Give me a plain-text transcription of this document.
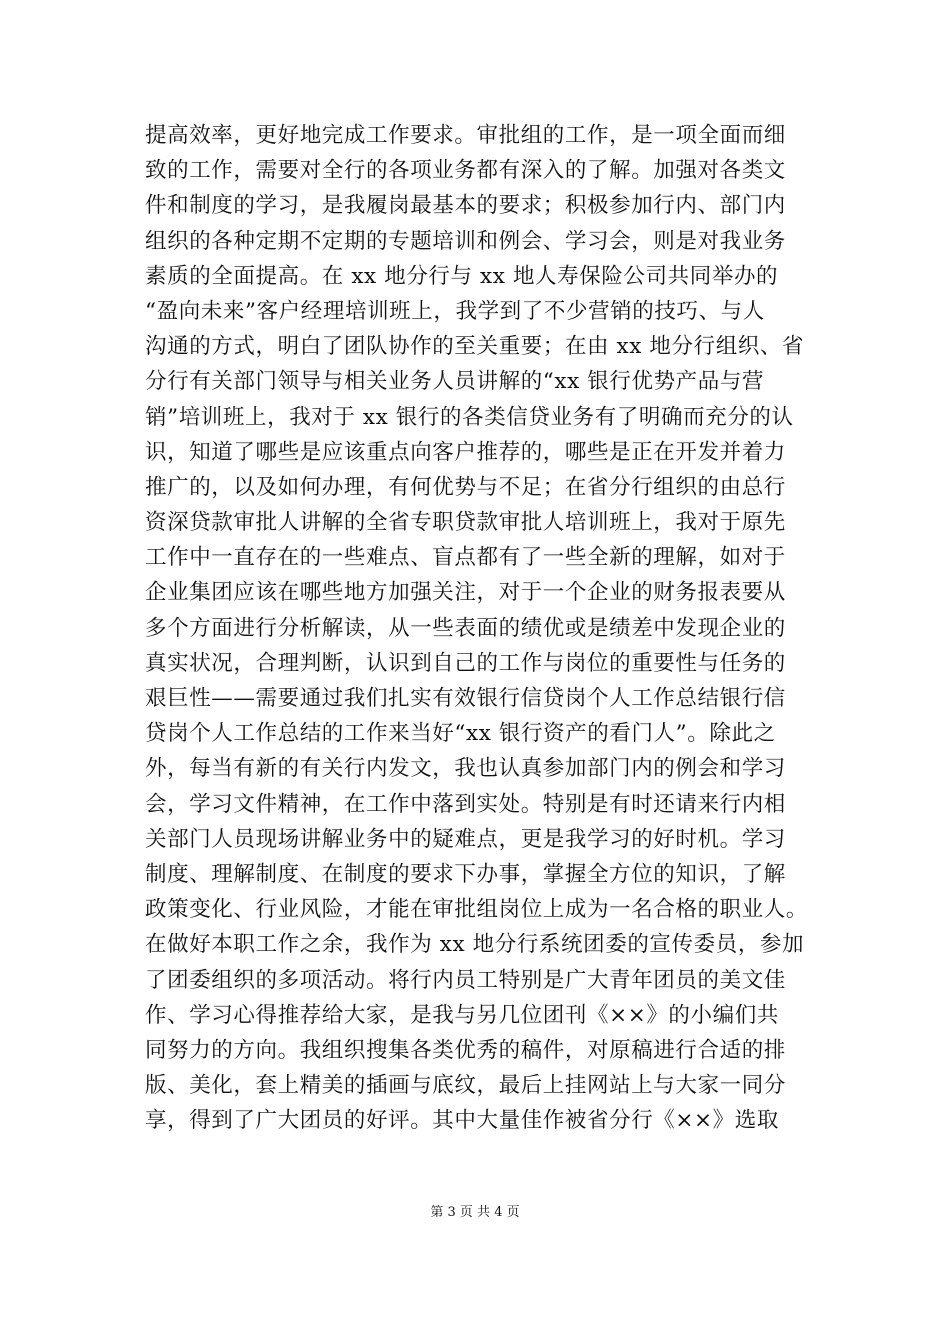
提高效率，更好地完成工作要求。审批组的工作，是一项全面而细
致的工作，需要对全行的各项业务都有深入的了解。加强对各类文
件和制度的学习，是我履岗最基本的要求；积极参加行内、部门内
组织的各种定期不定期的专题培训和例会、学习会，则是对我业务
素质的全面提高。在 xx 地分行与 xx 地人寿保险公司共同举办的
“盈向未来”客户经理培训班上，我学到了不少营销的技巧、与人
沟通的方式，明白了团队协作的至关重要；在由 xx 地分行组织、省
分行有关部门领导与相关业务人员讲解的“xx 银行优势产品与营
销”培训班上，我对于 xx 银行的各类信贷业务有了明确而充分的认
识，知道了哪些是应该重点向客户推荐的，哪些是正在开发并着力
推广的，以及如何办理，有何优势与不足；在省分行组织的由总行
资深贷款审批人讲解的全省专职贷款审批人培训班上，我对于原先
工作中一直存在的一些难点、盲点都有了一些全新的理解，如对于
企业集团应该在哪些地方加强关注，对于一个企业的财务报表要从
多个方面进行分析解读，从一些表面的绩优或是绩差中发现企业的
真实状况，合理判断，认识到自己的工作与岗位的重要性与任务的
艰巨性——需要通过我们扎实有效银行信贷岗个人工作总结银行信
贷岗个人工作总结的工作来当好“xx 银行资产的看门人”。除此之
外，每当有新的有关行内发文，我也认真参加部门内的例会和学习
会，学习文件精神，在工作中落到实处。特别是有时还请来行内相
关部门人员现场讲解业务中的疑难点，更是我学习的好时机。学习
制度、理解制度、在制度的要求下办事，掌握全方位的知识，了解
政策变化、行业风险，才能在审批组岗位上成为一名合格的职业人。
在做好本职工作之余，我作为 xx 地分行系统团委的宣传委员，参加
了团委组织的多项活动。将行内员工特别是广大青年团员的美文佳
作、学习心得推荐给大家，是我与另几位团刊《××》的小编们共
同努力的方向。我组织搜集各类优秀的稿件，对原稿进行合适的排
版、美化，套上精美的插画与底纹，最后上挂网站上与大家一同分
享，得到了广大团员的好评。其中大量佳作被省分行《××》选取
第 3 页 共 4 页
